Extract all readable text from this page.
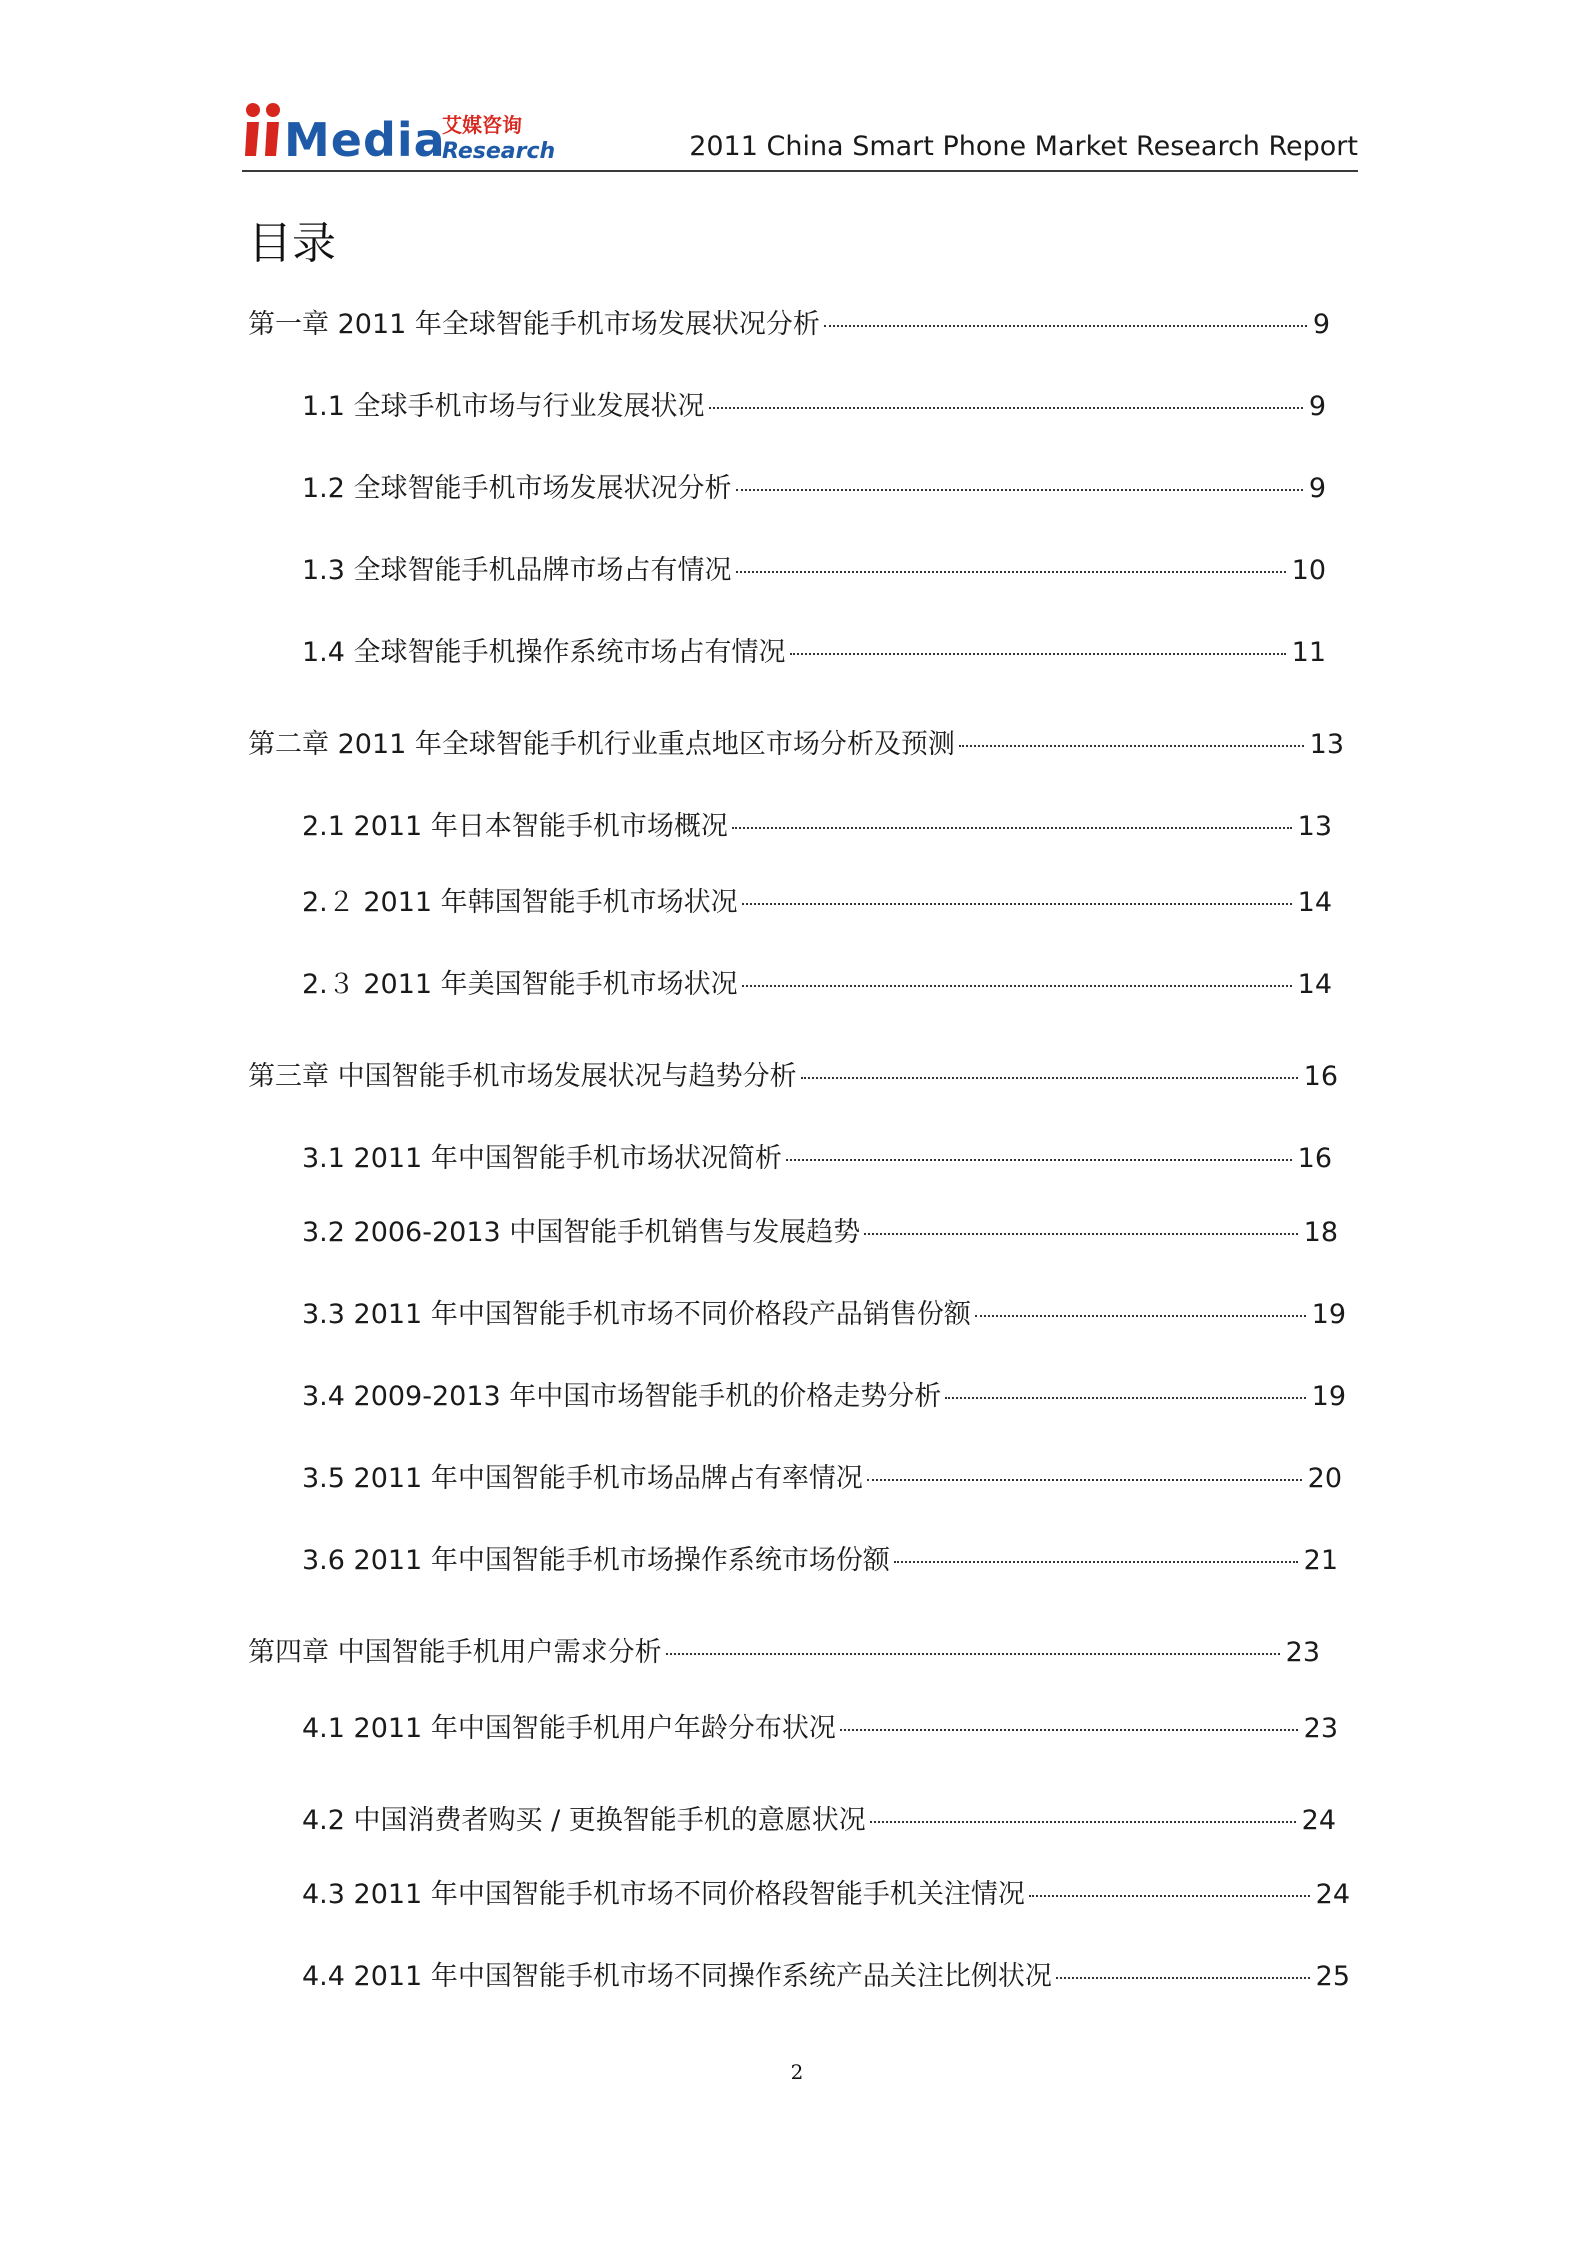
Media
艾媒咨询
Research	2011 China Smart Phone Market Research Report
目录
第一章 2011 年全球智能手机市场发展状况分析	9
1.1 全球手机市场与行业发展状况	9
1.2 全球智能手机市场发展状况分析	9
1.3 全球智能手机品牌市场占有情况	10
1.4 全球智能手机操作系统市场占有情况	11
第二章 2011 年全球智能手机行业重点地区市场分析及预测	13
2.1 2011 年日本智能手机市场概况	13
2.２ 2011 年韩国智能手机市场状况	14
2.３ 2011 年美国智能手机市场状况	14
第三章 中国智能手机市场发展状况与趋势分析	16
3.1 2011 年中国智能手机市场状况简析	16
3.2 2006-2013 中国智能手机销售与发展趋势	18
3.3 2011 年中国智能手机市场不同价格段产品销售份额	19
3.4 2009-2013 年中国市场智能手机的价格走势分析	19
3.5 2011 年中国智能手机市场品牌占有率情况	20
3.6 2011 年中国智能手机市场操作系统市场份额	21
第四章 中国智能手机用户需求分析	23
4.1 2011 年中国智能手机用户年龄分布状况	23
4.2 中国消费者购买 / 更换智能手机的意愿状况	24
4.3 2011 年中国智能手机市场不同价格段智能手机关注情况	24
4.4 2011 年中国智能手机市场不同操作系统产品关注比例状况	25
2
